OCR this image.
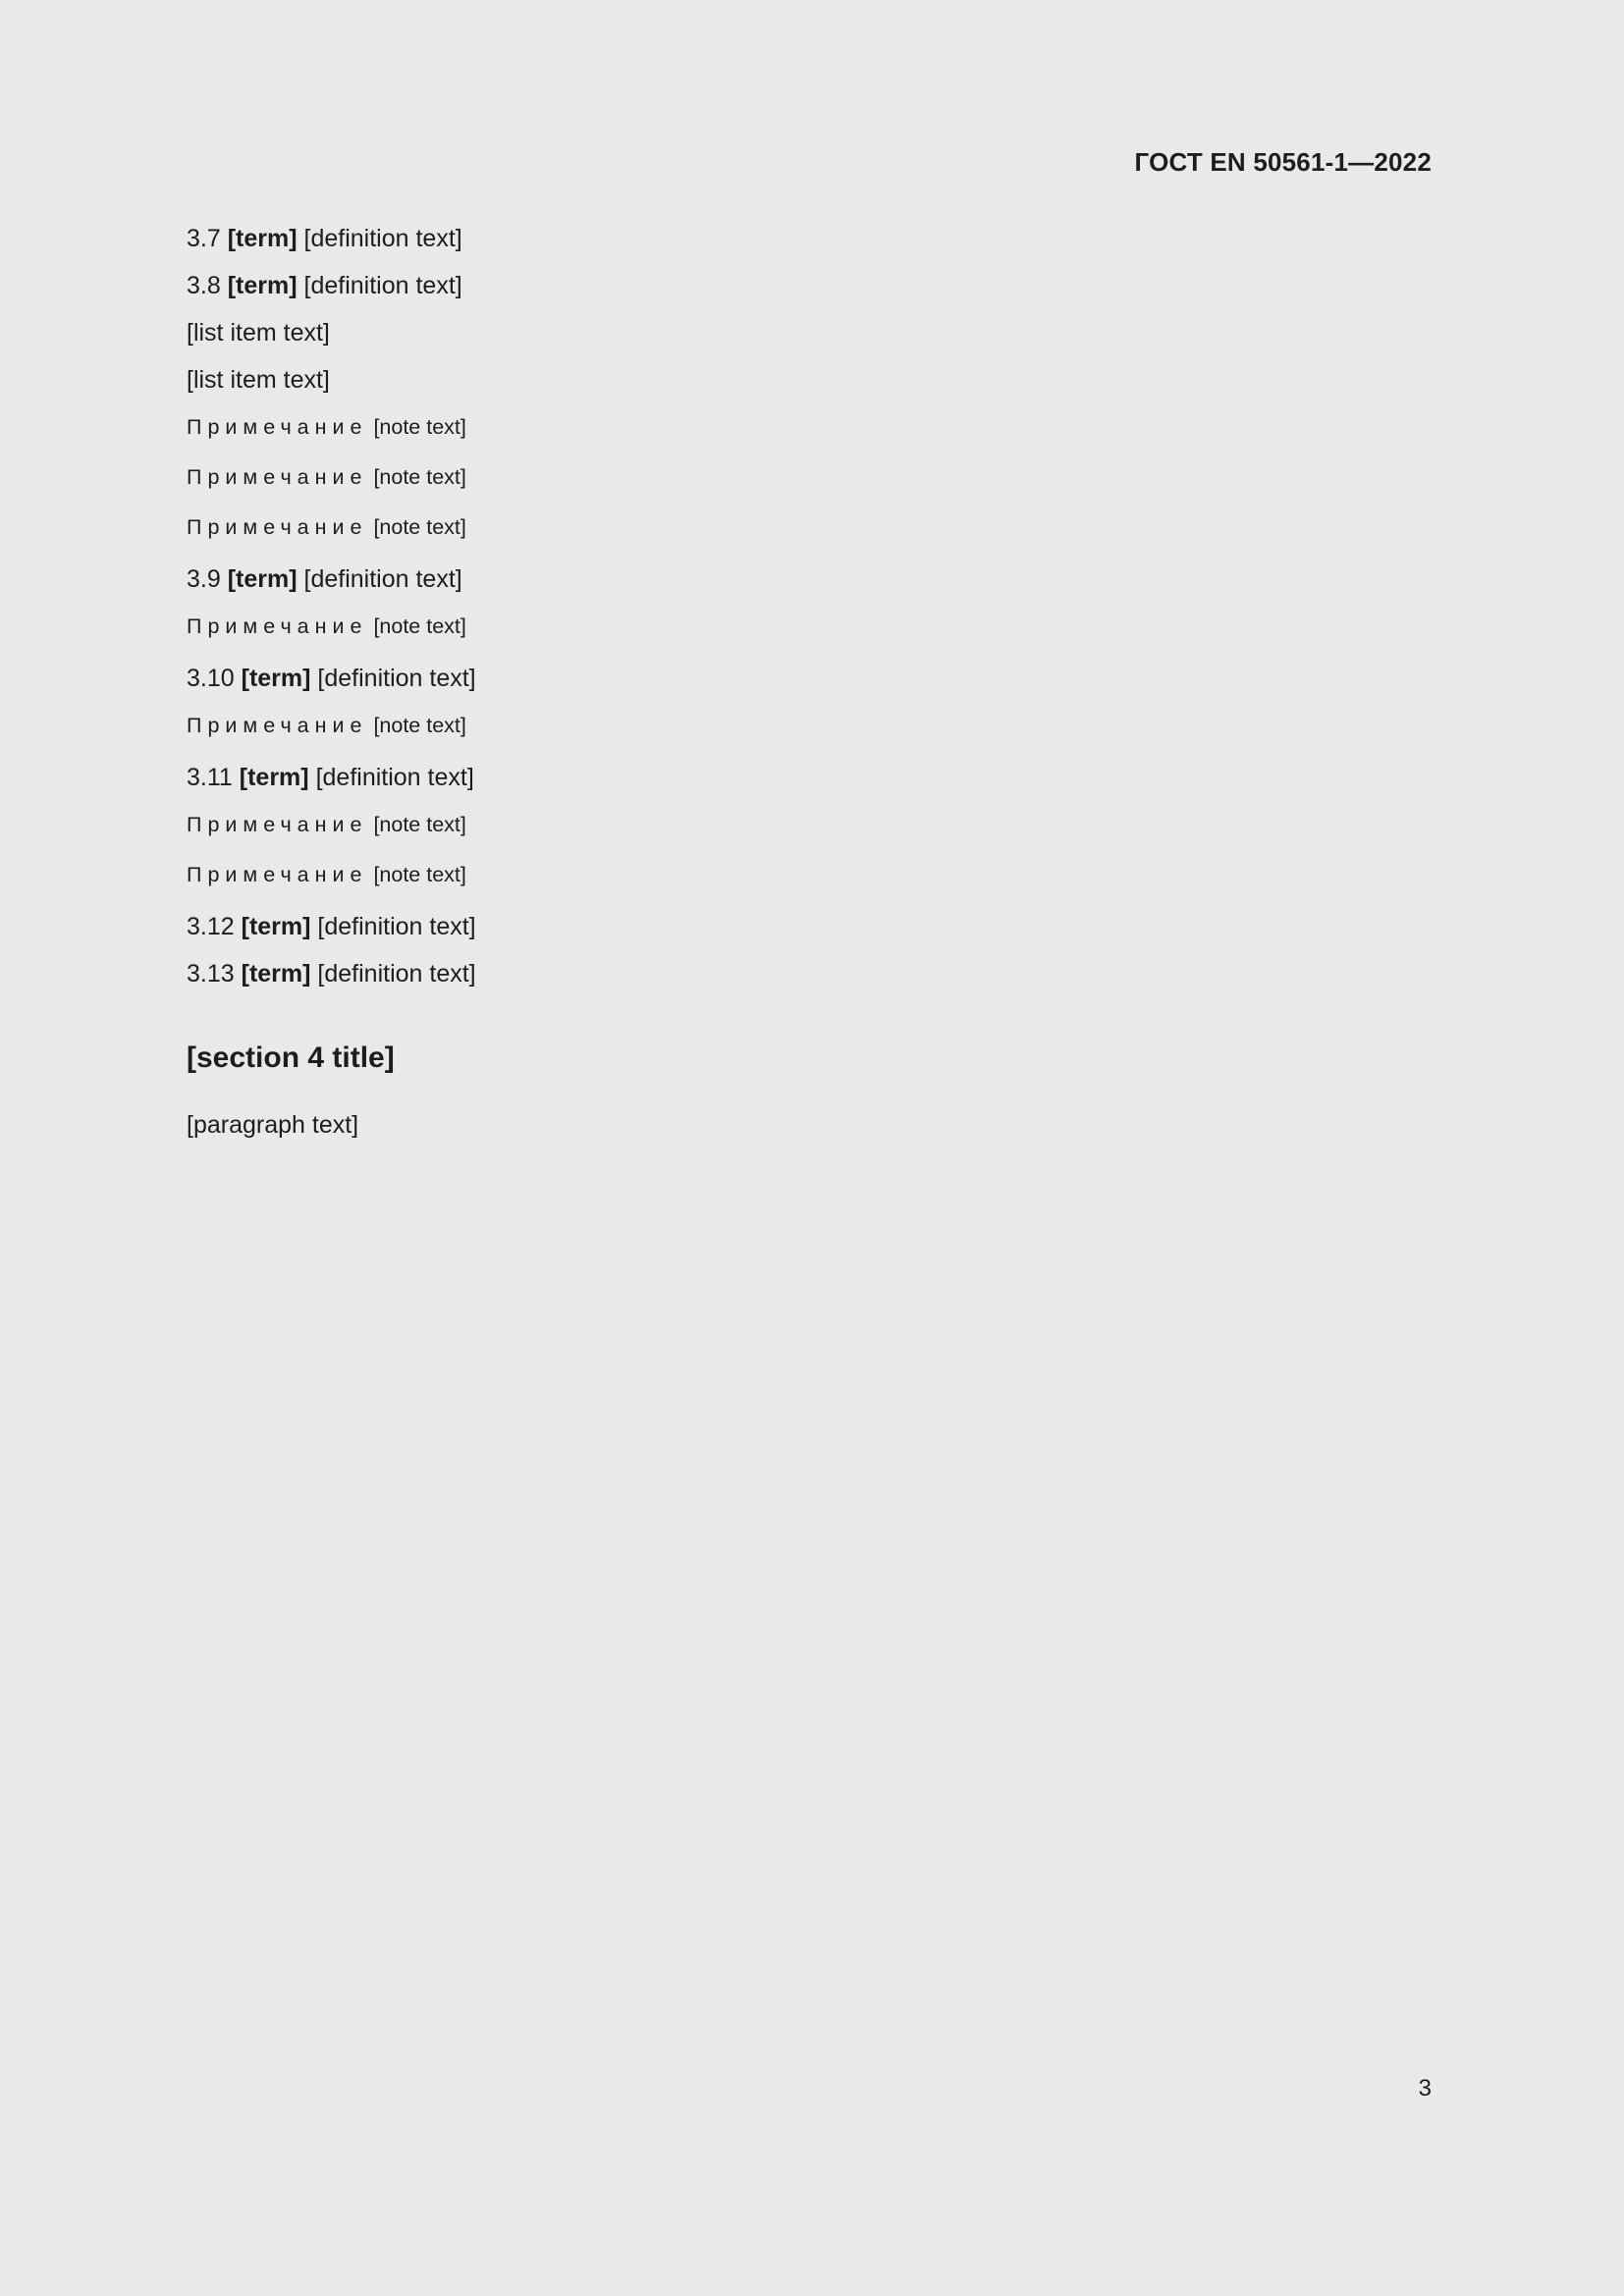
ГОСТ EN 50561-1—2022

3.7 [term] [definition text]

3.8 [term] [definition text]

[list item text]

[list item text]

Примечание [note text]

Примечание [note text]

Примечание [note text]

3.9 [term] [definition text]

Примечание [note text]

3.10 [term] [definition text]

Примечание [note text]

3.11 [term] [definition text]

Примечание [note text]

Примечание [note text]

3.12 [term] [definition text]

3.13 [term] [definition text]

[section 4 title]

[paragraph text]

3
